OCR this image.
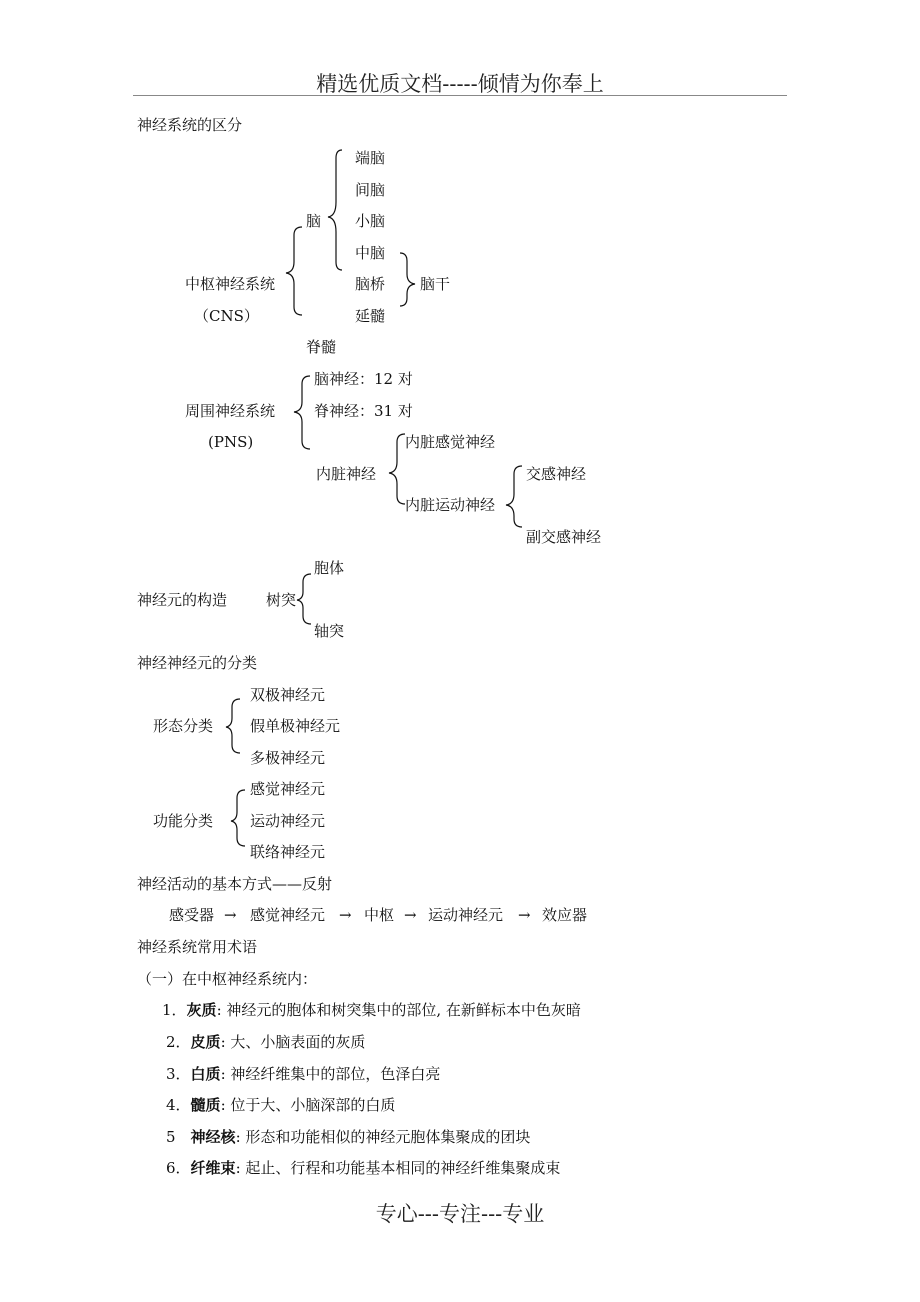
精选优质文档-----倾情为你奉上
神经系统的区分
端脑
间脑
脑 小脑
中脑
中枢神经系统	脑桥 脑干
（CNS）	延髓
脊髓
脑神经：12 对
周围神经系统	脊神经：31 对
(PNS)	内脏感觉神经
内脏神经	交感神经
内脏运动神经
副交感神经
胞体
神经元的构造	树突
轴突
神经神经元的分类
双极神经元
形态分类 假单极神经元
多极神经元
感觉神经元
功能分类 运动神经元
联络神经元
神经活动的基本方式——反射
感受器 → 感觉神经元 → 中枢 → 运动神经元 → 效应器
神经系统常用术语
（一）在中枢神经系统内：
1．灰质: 神经元的胞体和树突集中的部位, 在新鲜标本中色灰暗
2．皮质: 大、小脑表面的灰质
3．白质: 神经纤维集中的部位，色泽白亮
4．髓质: 位于大、小脑深部的白质
5　神经核: 形态和功能相似的神经元胞体集聚成的团块
6．纤维束: 起止、行程和功能基本相同的神经纤维集聚成束
专心---专注---专业
